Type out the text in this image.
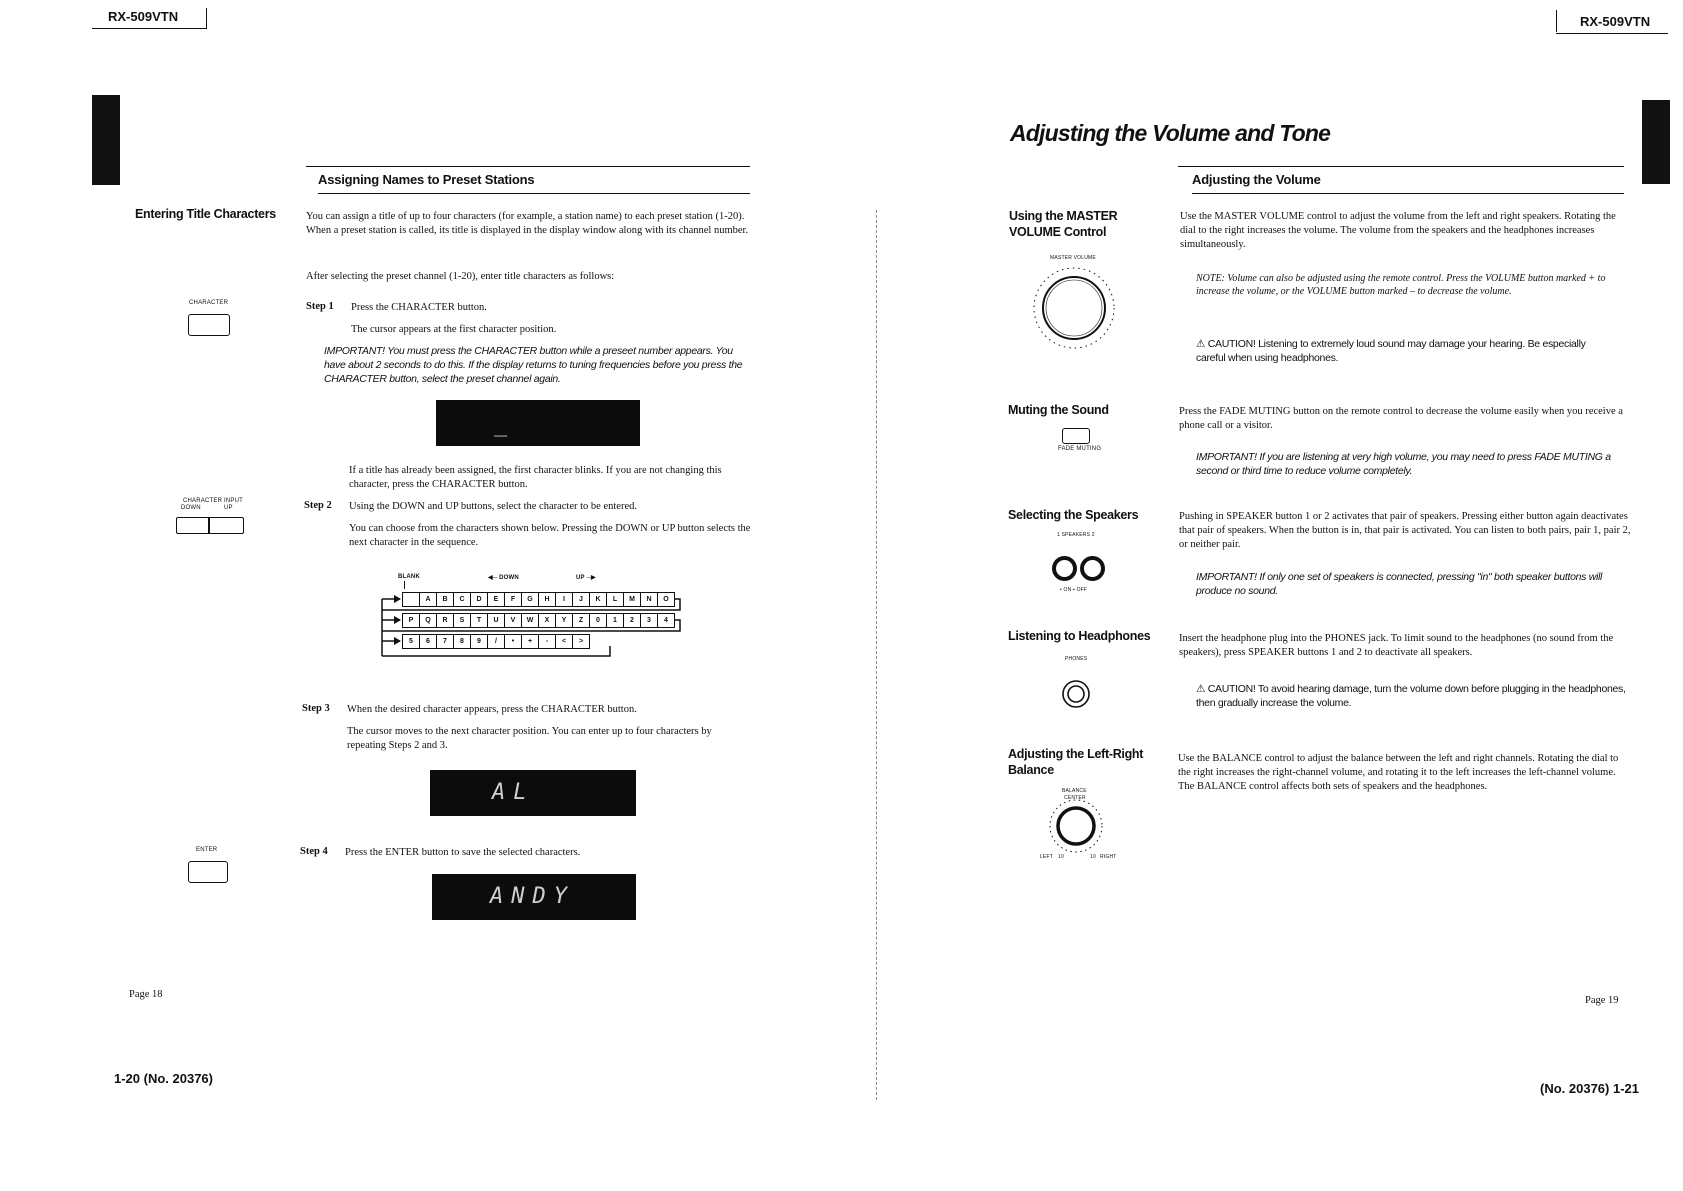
RX-509VTN
Assigning Names to Preset Stations
Entering Title Characters	You can assign a title of up to four characters (for example, a station name) to each preset station (1-20). When a preset station is called, its title is displayed in the display window along with its channel number.
After selecting the preset channel (1-20), enter title characters as follows:
CHARACTER	Step 1 Press the CHARACTER button.
The cursor appears at the first character position.
IMPORTANT! You must press the CHARACTER button while a preseet number appears. You have about 2 seconds to do this. If the display returns to tuning frequencies before you press the CHARACTER button, select the preset channel again.
_
If a title has already been assigned, the first character blinks. If you are not changing this character, press the CHARACTER button.
CHARACTER INPUT
DOWN	UP	Step 2 Using the DOWN and UP buttons, select the character to be entered.
You can choose from the characters shown below. Pressing the DOWN or UP button selects the next character in the sequence.
BLANK	◀─ DOWN	UP ─▶
A	B	C	D	E	F	G	H	I	J	K	L	M	N	O
P	Q	R	S	T	U	V	W	X	Y	Z	0	1	2	3	4
5	6	7	8	9	/	•	+	-	<	>
Step 3 When the desired character appears, press the CHARACTER button.
The cursor moves to the next character position. You can enter up to four characters by repeating Steps 2 and 3.
AL
ENTER	Step 4 Press the ENTER button to save the selected characters.
ANDY
Page 18
1-20 (No. 20376)
RX-509VTN
Adjusting the Volume and Tone
Adjusting the Volume
Using the MASTER VOLUME Control
MASTER VOLUME
Use the MASTER VOLUME control to adjust the volume from the left and right speakers. Rotating the dial to the right increases the volume. The volume from the speakers and the headphones increases simultaneously.
NOTE: Volume can also be adjusted using the remote control. Press the VOLUME button marked + to increase the volume, or the VOLUME button marked – to decrease the volume.
⚠︎ CAUTION! Listening to extremely loud sound may damage your hearing. Be especially careful when using headphones.
Muting the Sound
FADE MUTING
Press the FADE MUTING button on the remote control to decrease the volume easily when you receive a phone call or a visitor.
IMPORTANT! If you are listening at very high volume, you may need to press FADE MUTING a second or third time to reduce volume completely.
Selecting the Speakers
1 SPEAKERS 2
• ON ▪ OFF
Pushing in SPEAKER button 1 or 2 activates that pair of speakers. Pressing either button again deactivates that pair of speakers. When the button is in, that pair is activated. You can listen to both pairs, pair 1, pair 2, or neither pair.
IMPORTANT! If only one set of speakers is connected, pressing "in" both speaker buttons will produce no sound.
Listening to Headphones
PHONES
Insert the headphone plug into the PHONES jack. To limit sound to the headphones (no sound from the speakers), press SPEAKER buttons 1 and 2 to deactivate all speakers.
⚠︎ CAUTION! To avoid hearing damage, turn the volume down before plugging in the headphones, then gradually increase the volume.
Adjusting the Left-Right Balance
BALANCE
CENTER
LEFT 10	10 RIGHT
Use the BALANCE control to adjust the balance between the left and right channels. Rotating the dial to the right increases the right-channel volume, and rotating it to the left increases the left-channel volume. The BALANCE control affects both sets of speakers and the headphones.
Page 19
(No. 20376) 1-21
